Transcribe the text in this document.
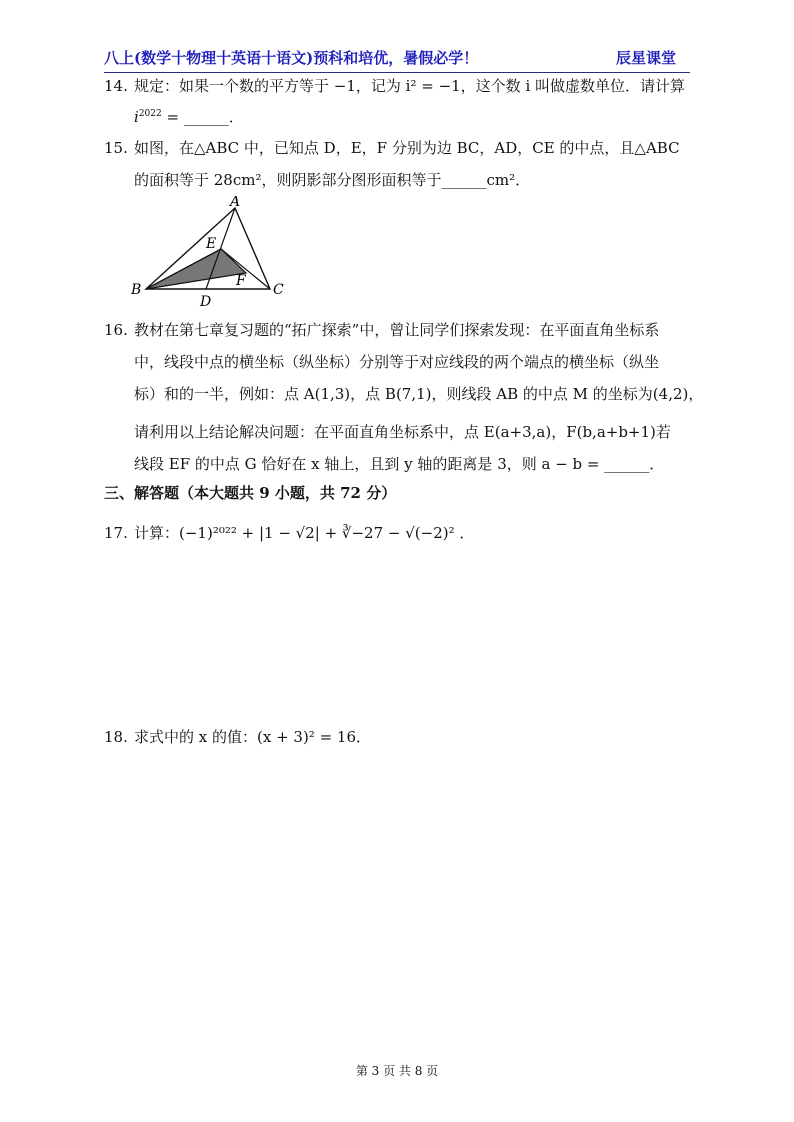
八上(数学十物理十英语十语文)预科和培优，暑假必学！	辰星课堂
14. 规定：如果一个数的平方等于 −1，记为 i² = −1，这个数 i 叫做虚数单位．请计算
$i^{2022}$ = ______．
15. 如图，在△ABC 中，已知点 D，E，F 分别为边 BC，AD，CE 的中点，且△ABC
的面积等于 28cm²，则阴影部分图形面积等于______cm²．
A
B	C
D
E
F
16. 教材在第七章复习题的“拓广探索”中，曾让同学们探索发现：在平面直角坐标系
中，线段中点的横坐标（纵坐标）分别等于对应线段的两个端点的横坐标（纵坐
标）和的一半，例如：点 A(1,3)，点 B(7,1)，则线段 AB 的中点 M 的坐标为(4,2)，
请利用以上结论解决问题：在平面直角坐标系中，点 E(a+3,a)，F(b,a+b+1)若
线段 EF 的中点 G 恰好在 x 轴上，且到 y 轴的距离是 3，则 a − b = ______．
三、解答题（本大题共 9 小题，共 72 分）
17. 计算：(−1)²⁰²² + |1 − √2| + ∛−27 − √(−2)² ．
18. 求式中的 x 的值：(x + 3)² = 16．
第 3 页 共 8 页
